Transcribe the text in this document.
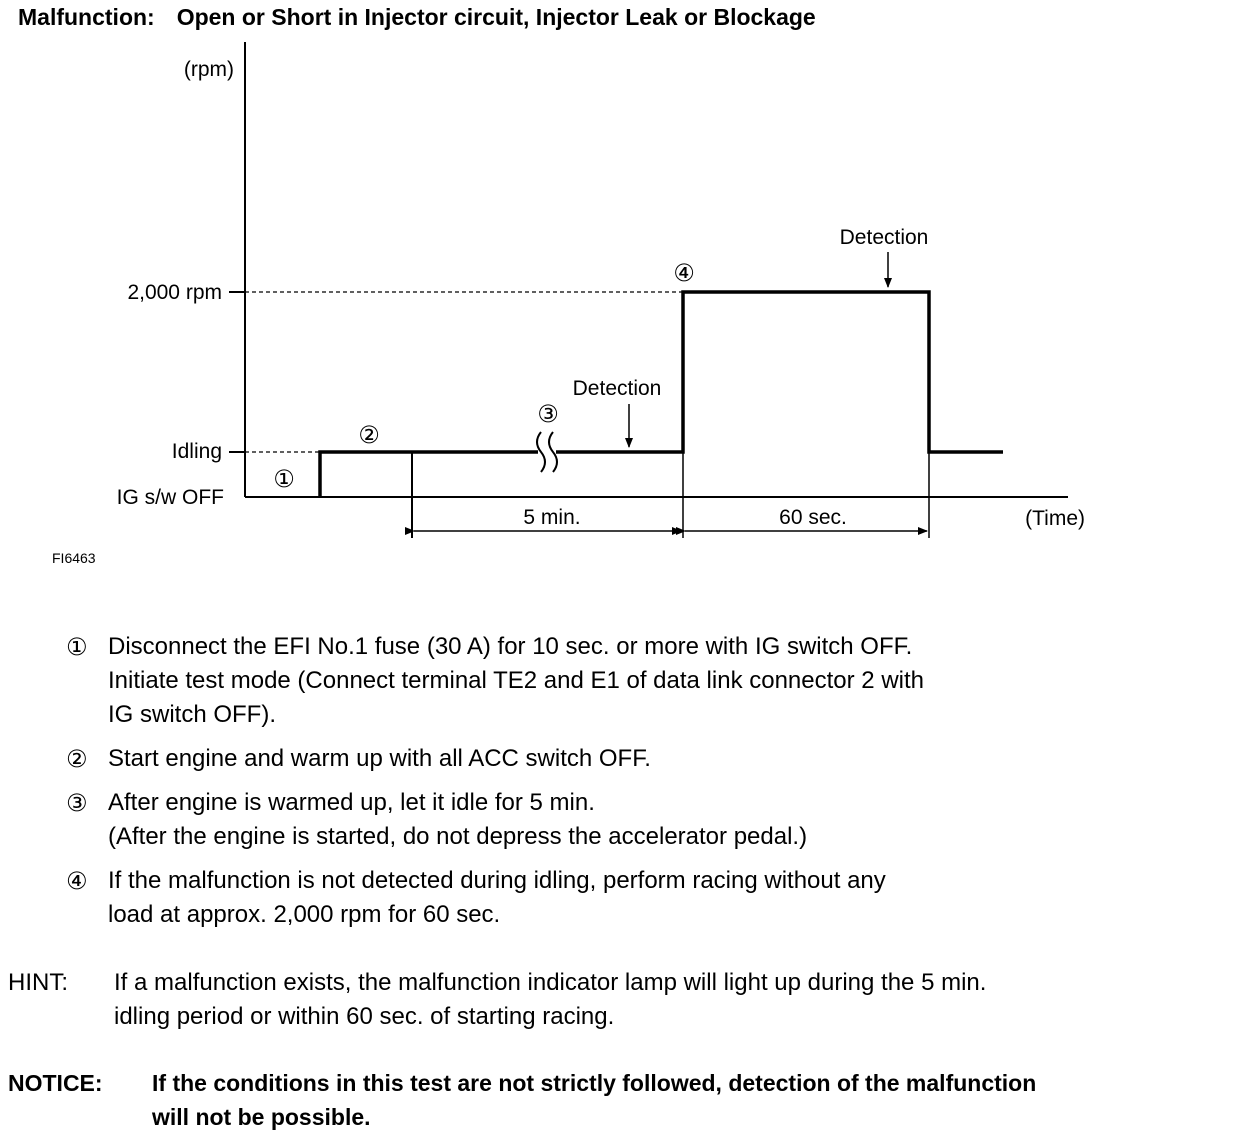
Malfunction: Open or Short in Injector circuit, Injector Leak or Blockage
(rpm)
(Time)
2,000 rpm
Idling
IG s/w OFF
5 min.	60 sec.
①
②
③
④
Detection
Detection
FI6463
① Disconnect the EFI No.1 fuse (30 A) for 10 sec. or more with IG switch OFF.
Initiate test mode (Connect terminal TE2 and E1 of data link connector 2 with
IG switch OFF).
② Start engine and warm up with all ACC switch OFF.
③ After engine is warmed up, let it idle for 5 min.
(After the engine is started, do not depress the accelerator pedal.)
④ If the malfunction is not detected during idling, perform racing without any
load at approx. 2,000 rpm for 60 sec.
HINT:	If a malfunction exists, the malfunction indicator lamp will light up during the 5 min.
idling period or within 60 sec. of starting racing.
NOTICE:	If the conditions in this test are not strictly followed, detection of the malfunction
will not be possible.
